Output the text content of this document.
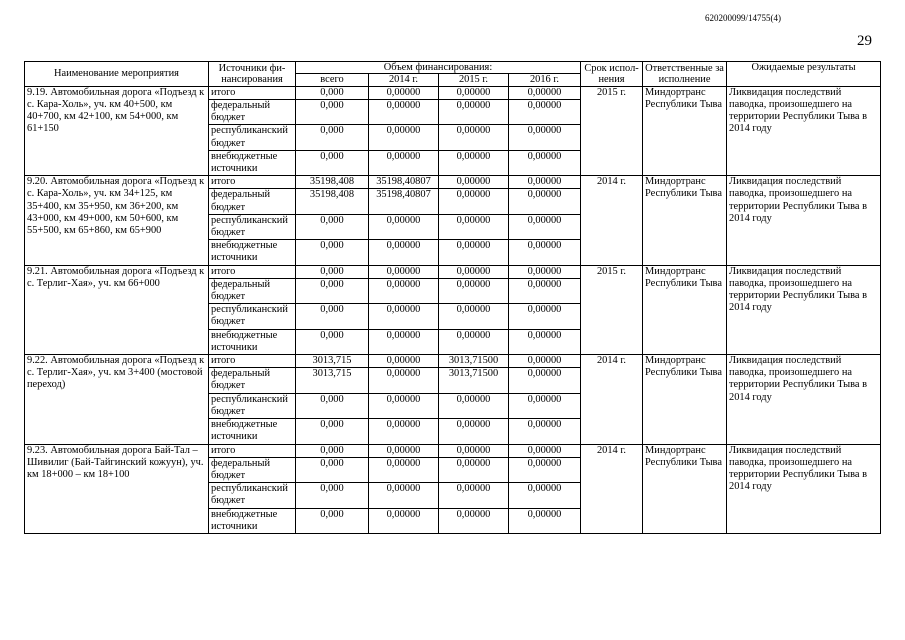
620200099/14755(4)
29
Наименование мероприятия	Источники фи-нансирования	Объем финансирования:				Срок испол-нения	Ответственные за исполнение	Ожидаемые результаты
		всего	2014 г.	2015 г.	2016 г.			
9.19. Автомобильная дорога «Подъезд к с. Кара-Холь», уч. км 40+500, км 40+700, км 42+100, км 54+000, км 61+150	итого	0,000	0,00000	0,00000	0,00000	2015 г.	Миндортранс Республики Тыва	Ликвидация последствий паводка, произошедшего на территории Республики Тыва в 2014 году
	федеральный бюджет	0,000	0,00000	0,00000	0,00000			
	республиканский бюджет	0,000	0,00000	0,00000	0,00000			
	внебюджетные источники	0,000	0,00000	0,00000	0,00000			
9.20. Автомобильная дорога «Подъезд к с. Кара-Холь», уч. км 34+125, км 35+400, км 35+950, км 36+200, км 43+000, км 49+000, км 50+600, км 55+500, км 65+860, км 65+900	итого	35198,408	35198,40807	0,00000	0,00000	2014 г.	Миндортранс Республики Тыва	Ликвидация последствий паводка, произошедшего на территории Республики Тыва в 2014 году
	федеральный бюджет	35198,408	35198,40807	0,00000	0,00000			
	республиканский бюджет	0,000	0,00000	0,00000	0,00000			
	внебюджетные источники	0,000	0,00000	0,00000	0,00000			
9.21. Автомобильная дорога «Подъезд к с. Терлиг-Хая», уч. км 66+000	итого	0,000	0,00000	0,00000	0,00000	2015 г.	Миндортранс Республики Тыва	Ликвидация последствий паводка, произошедшего на территории Республики Тыва в 2014 году
	федеральный бюджет	0,000	0,00000	0,00000	0,00000			
	республиканский бюджет	0,000	0,00000	0,00000	0,00000			
	внебюджетные источники	0,000	0,00000	0,00000	0,00000			
9.22. Автомобильная дорога «Подъезд к с. Терлиг-Хая», уч. км 3+400 (мостовой переход)	итого	3013,715	0,00000	3013,71500	0,00000	2014 г.	Миндортранс Республики Тыва	Ликвидация последствий паводка, произошедшего на территории Республики Тыва в 2014 году
	федеральный бюджет	3013,715	0,00000	3013,71500	0,00000			
	республиканский бюджет	0,000	0,00000	0,00000	0,00000			
	внебюджетные источники	0,000	0,00000	0,00000	0,00000			
9.23. Автомобильная дорога Бай-Тал – Шивилиг (Бай-Тайгинский кожуун), уч. км 18+000 – км 18+100	итого	0,000	0,00000	0,00000	0,00000	2014 г.	Миндортранс Республики Тыва	Ликвидация последствий паводка, произошедшего на территории Республики Тыва в 2014 году
	федеральный бюджет	0,000	0,00000	0,00000	0,00000			
	республиканский бюджет	0,000	0,00000	0,00000	0,00000			
	внебюджетные источники	0,000	0,00000	0,00000	0,00000			
